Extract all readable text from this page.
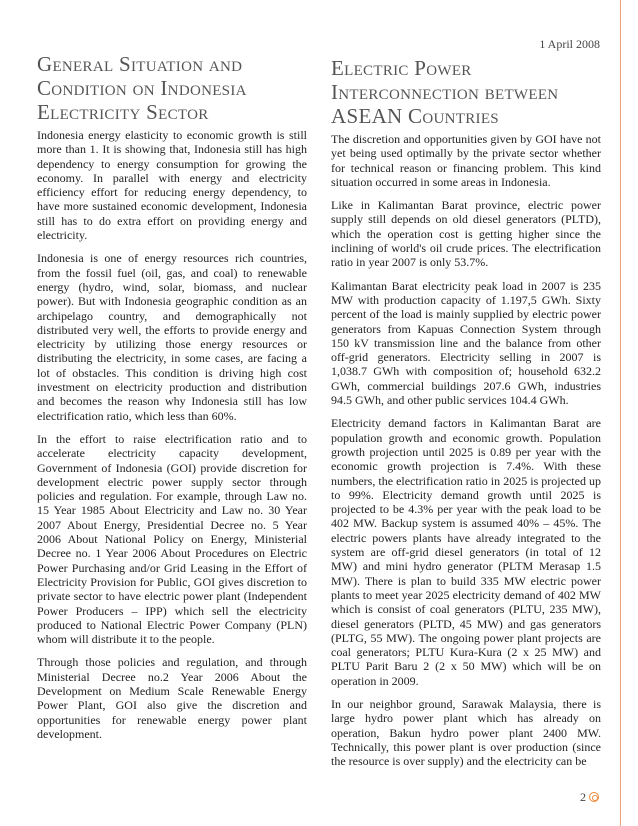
1 April 2008
General Situation and Condition on Indonesia Electricity Sector

Indonesia energy elasticity to economic growth is still more than 1. It is showing that, Indonesia still has high dependency to energy consumption for growing the economy. In parallel with energy and electricity efficiency effort for reducing energy dependency, to have more sustained economic development, Indonesia still has to do extra effort on providing energy and electricity.

Indonesia is one of energy resources rich countries, from the fossil fuel (oil, gas, and coal) to renewable energy (hydro, wind, solar, biomass, and nuclear power). But with Indonesia geographic condition as an archipelago country, and demographically not distributed very well, the efforts to provide energy and electricity by utilizing those energy resources or distributing the electricity, in some cases, are facing a lot of obstacles. This condition is driving high cost investment on electricity production and distribution and becomes the reason why Indonesia still has low electrification ratio, which less than 60%.

In the effort to raise electrification ratio and to accelerate electricity capacity development, Government of Indonesia (GOI) provide discretion for development electric power supply sector through policies and regulation. For example, through Law no. 15 Year 1985 About Electricity and Law no. 30 Year 2007 About Energy, Presidential Decree no. 5 Year 2006 About National Policy on Energy, Ministerial Decree no. 1 Year 2006 About Procedures on Electric Power Purchasing and/or Grid Leasing in the Effort of Electricity Provision for Public, GOI gives discretion to private sector to have electric power plant (Independent Power Producers – IPP) which sell the electricity produced to National Electric Power Company (PLN) whom will distribute it to the people.

Through those policies and regulation, and through Ministerial Decree no.2 Year 2006 About the Development on Medium Scale Renewable Energy Power Plant, GOI also give the discretion and opportunities for renewable energy power plant development.

Electric Power Interconnection between ASEAN Countries

The discretion and opportunities given by GOI have not yet being used optimally by the private sector whether for technical reason or financing problem. This kind situation occurred in some areas in Indonesia.

Like in Kalimantan Barat province, electric power supply still depends on old diesel generators (PLTD), which the operation cost is getting higher since the inclining of world's oil crude prices. The electrification ratio in year 2007 is only 53.7%.

Kalimantan Barat electricity peak load in 2007 is 235 MW with production capacity of 1.197,5 GWh. Sixty percent of the load is mainly supplied by electric power generators from Kapuas Connection System through 150 kV transmission line and the balance from other off-grid generators. Electricity selling in 2007 is 1,038.7 GWh with composition of; household 632.2 GWh, commercial buildings 207.6 GWh, industries 94.5 GWh, and other public services 104.4 GWh.

Electricity demand factors in Kalimantan Barat are population growth and economic growth. Population growth projection until 2025 is 0.89 per year with the economic growth projection is 7.4%. With these numbers, the electrification ratio in 2025 is projected up to 99%. Electricity demand growth until 2025 is projected to be 4.3% per year with the peak load to be 402 MW. Backup system is assumed 40% – 45%. The electric powers plants have already integrated to the system are off-grid diesel generators (in total of 12 MW) and mini hydro generator (PLTM Merasap 1.5 MW). There is plan to build 335 MW electric power plants to meet year 2025 electricity demand of 402 MW which is consist of coal generators (PLTU, 235 MW), diesel generators (PLTD, 45 MW) and gas generators (PLTG, 55 MW). The ongoing power plant projects are coal generators; PLTU Kura-Kura (2 x 25 MW) and PLTU Parit Baru 2 (2 x 50 MW) which will be on operation in 2009.

In our neighbor ground, Sarawak Malaysia, there is large hydro power plant which has already on operation, Bakun hydro power plant 2400 MW. Technically, this power plant is over production (since the resource is over supply) and the electricity can be

2
